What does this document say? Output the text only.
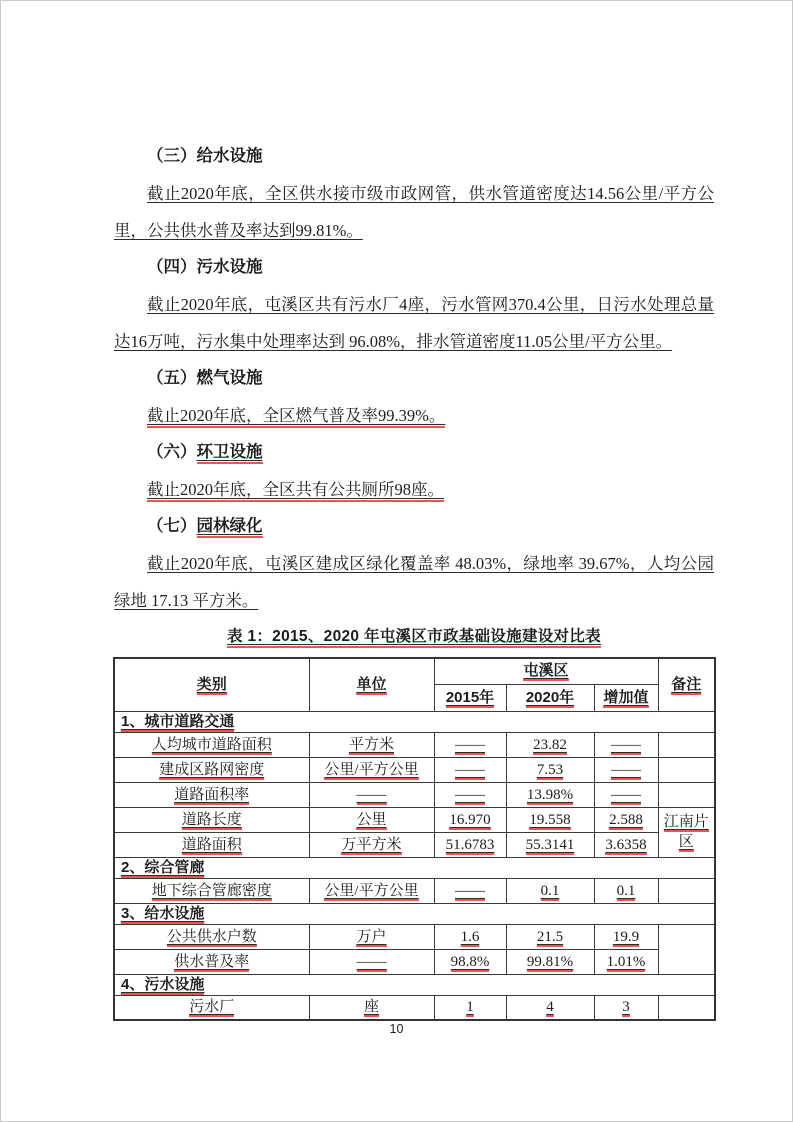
（三）给水设施
截止2020年底，全区供水接市级市政网管，供水管道密度达14.56公里/平方公
里，公共供水普及率达到99.81%。
（四）污水设施
截止2020年底，屯溪区共有污水厂4座，污水管网370.4公里，日污水处理总量
达16万吨，污水集中处理率达到 96.08%，排水管道密度11.05公里/平方公里。
（五）燃气设施
截止2020年底，全区燃气普及率99.39%。
（六）环卫设施
截止2020年底，全区共有公共厕所98座。
（七）园林绿化
截止2020年底，屯溪区建成区绿化覆盖率 48.03%，绿地率 39.67%，人均公园
绿地 17.13 平方米。
表 1：2015、2020 年屯溪区市政基础设施建设对比表
类别	单位	屯溪区			备注
		2015年	2020年	增加值	
1、城市道路交通					
人均城市道路面积	平方米	——	23.82	——	
建成区路网密度	公里/平方公里	——	7.53	——	
道路面积率	——	——	13.98%	——	
道路长度	公里	16.970	19.558	2.588	江南片区
道路面积	万平方米	51.6783	55.3141	3.6358	
2、综合管廊					
地下综合管廊密度	公里/平方公里	——	0.1	0.1	
3、给水设施					
公共供水户数	万户	1.6	21.5	19.9	
供水普及率	——	98.8%	99.81%	1.01%	
4、污水设施					
污水厂	座	1	4	3	
10
